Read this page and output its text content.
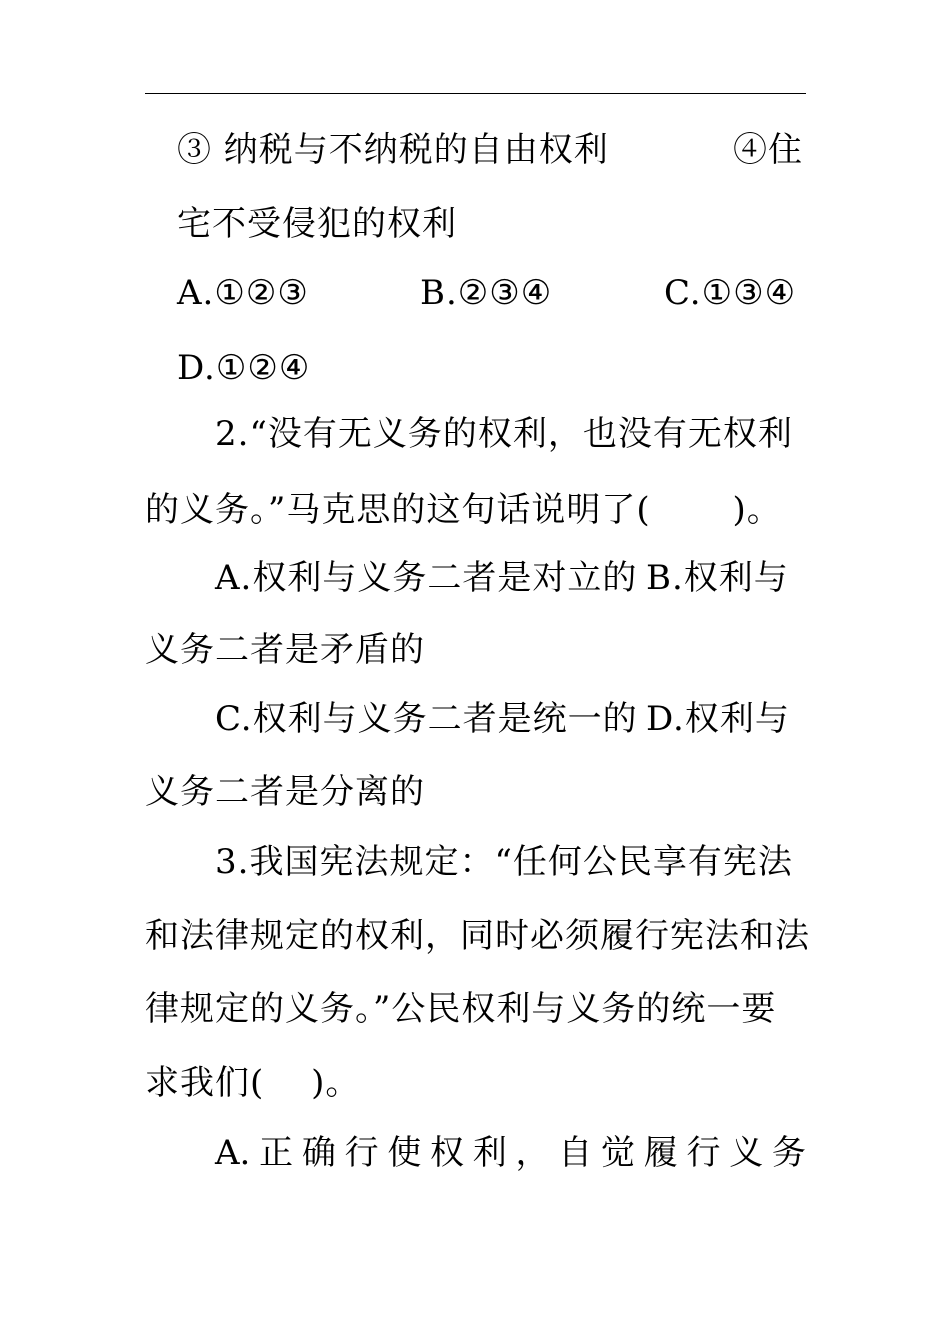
③ 纳税与不纳税的自由权利	④住
宅不受侵犯的权利
A.①②③	B.②③④	C.①③④
D.①②④
2.“没有无义务的权利，也没有无权利
的义务。”马克思的这句话说明了(　　 )。
A.权利与义务二者是对立的 B.权利与
义务二者是矛盾的
C.权利与义务二者是统一的 D.权利与
义务二者是分离的
3.我国宪法规定：“任何公民享有宪法
和法律规定的权利，同时必须履行宪法和法
律规定的义务。”公民权利与义务的统一要
求我们(　 )。
A. 正 确 行 使 权 利 ， 自 觉 履 行 义 务
